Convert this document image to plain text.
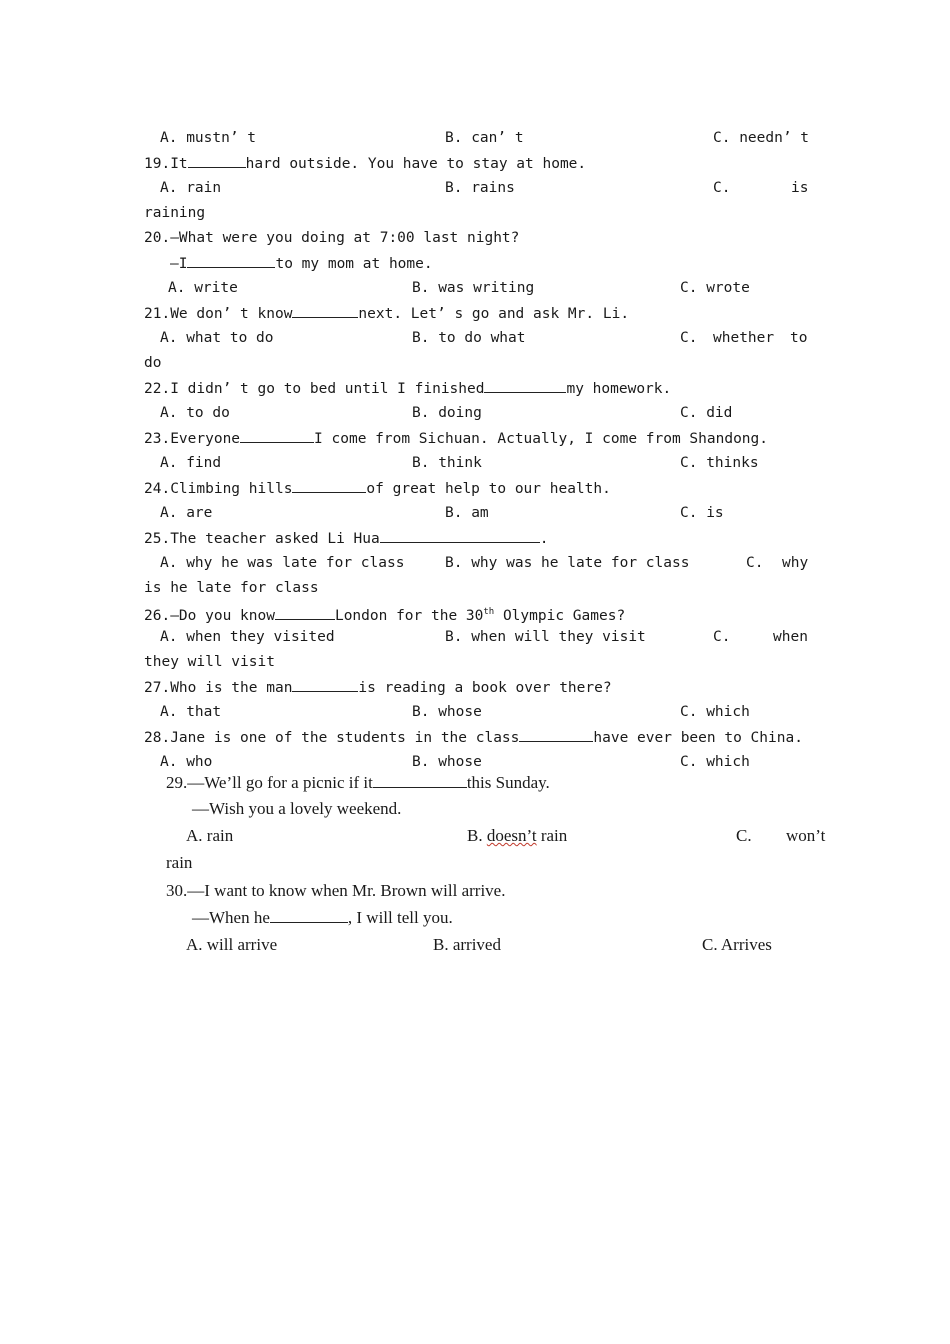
A. mustn’ t	B. can’ t	C. needn’ t
19.It	hard outside. You have to stay at home.
A. rain	B. rains	C.	is
raining
20.—What were you doing at 7:00 last night?
—I	to my mom at home.
A. write	B. was writing	C. wrote
21.We don’ t know	next. Let’ s go and ask Mr. Li.
A. what to do	B. to do what	C. whether to
do
22.I didn’ t go to bed until I finished	my homework.
A. to do	B. doing	C. did
23.Everyone	I come from Sichuan. Actually, I come from Shandong.
A. find	B. think	C. thinks
24.Climbing hills	of great help to our health.
A. are	B. am	C. is
25.The teacher asked Li Hua	.
A. why he was late for class	B. why was he late for class	C. why
is he late for class
26.—Do you know	London for the 30th Olympic Games?
A. when they visited	B. when will they visit	C.	when
they will visit
27.Who is the man	is reading a book over there?
A. that	B. whose	C. which
28.Jane is one of the students in the class	have ever been to China.
A. who	B. whose	C. which
29.—We’ll go for a picnic if it	this Sunday.
—Wish you a lovely weekend.
A. rain	B. doesn’t rain	C. won’t
rain
30.—I want to know when Mr. Brown will arrive.
—When he	, I will tell you.
A. will arrive	B. arrived	C. Arrives
